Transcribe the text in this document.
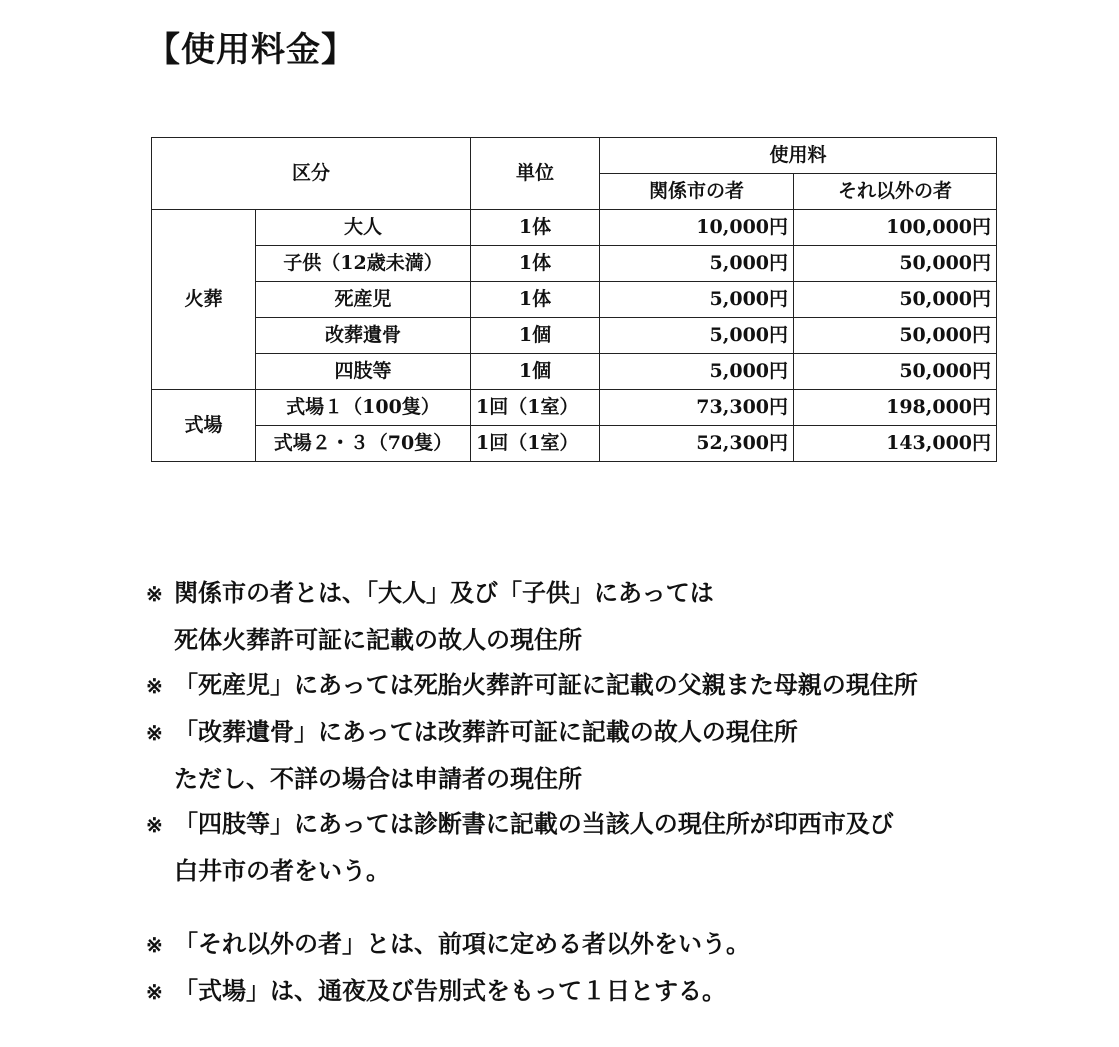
【使用料金】
区分		単位	使用料	
			関係市の者	それ以外の者
火葬	大人	1体	10,000円	100,000円
	子供（12歳未満）	1体	5,000円	50,000円
	死産児	1体	5,000円	50,000円
	改葬遺骨	1個	5,000円	50,000円
	四肢等	1個	5,000円	50,000円
式場	式場１（100隻）	1回（1室）	73,300円	198,000円
	式場２・３（70隻）	1回（1室）	52,300円	143,000円
※ 関係市の者とは、「大人」及び「子供」にあっては
死体火葬許可証に記載の故人の現住所
※ 「死産児」にあっては死胎火葬許可証に記載の父親また母親の現住所
※ 「改葬遺骨」にあっては改葬許可証に記載の故人の現住所
ただし、不詳の場合は申請者の現住所
※ 「四肢等」にあっては診断書に記載の当該人の現住所が印西市及び
白井市の者をいう。
※ 「それ以外の者」とは、前項に定める者以外をいう。
※ 「式場」は、通夜及び告別式をもって１日とする。
